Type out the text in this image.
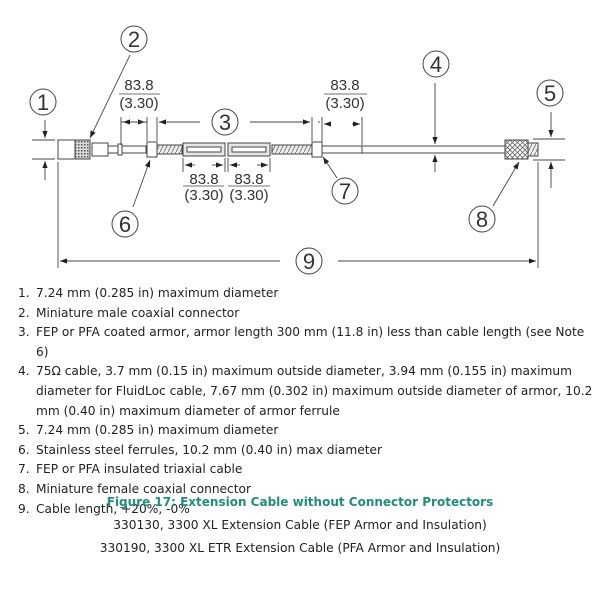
1
2
3
4
5
6
7
8
9
83.8
(3.30)
83.8
(3.30)
83.8
(3.30)
83.8
(3.30)
1. 7.24 mm (0.285 in) maximum diameter
2. Miniature male coaxial connector
3. FEP or PFA coated armor, armor length 300 mm (11.8 in) less than cable length (see Note 6)
4. 75Ω cable, 3.7 mm (0.15 in) maximum outside diameter, 3.94 mm (0.155 in) maximum diameter for FluidLoc cable, 7.67 mm (0.302 in) maximum outside diameter of armor, 10.2 mm (0.40 in) maximum diameter of armor ferrule
5. 7.24 mm (0.285 in) maximum diameter
6. Stainless steel ferrules, 10.2 mm (0.40 in) max diameter
7. FEP or PFA insulated triaxial cable
8. Miniature female coaxial connector
9. Cable length, +20%, -0%
Figure 17: Extension Cable without Connector Protectors
330130, 3300 XL Extension Cable (FEP Armor and Insulation)
330190, 3300 XL ETR Extension Cable (PFA Armor and Insulation)
